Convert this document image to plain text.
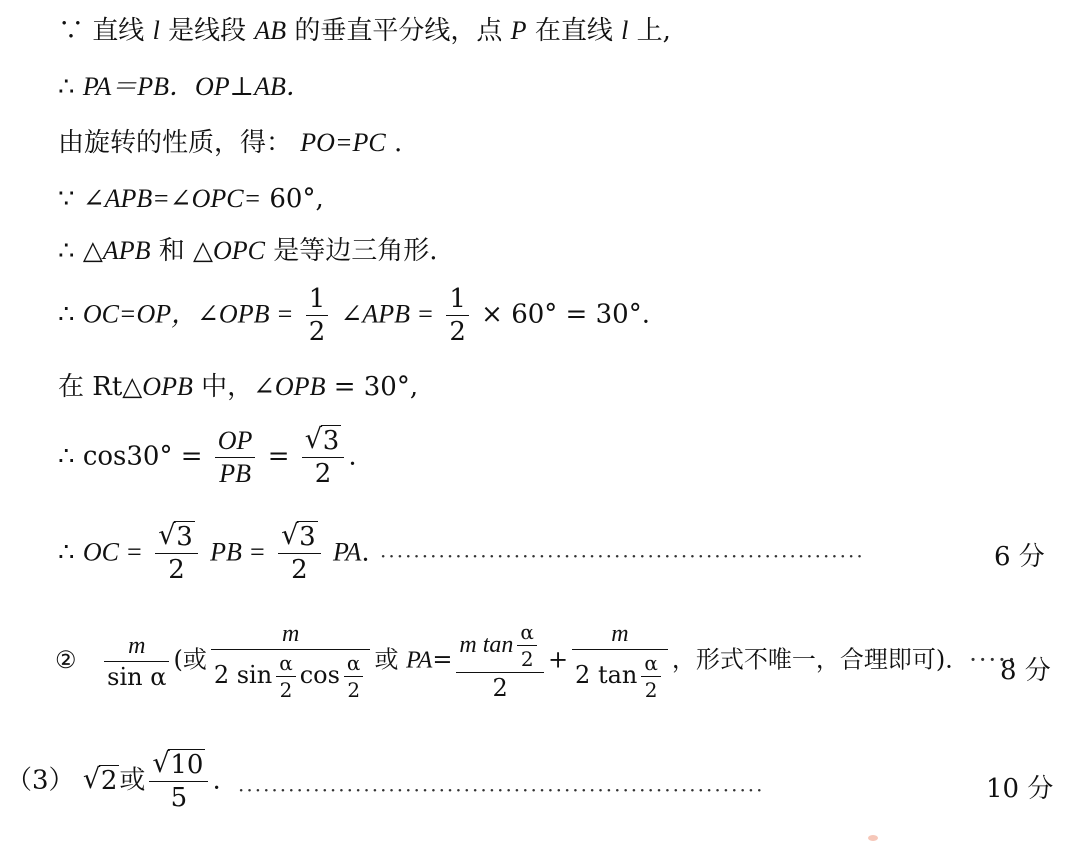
∵ 直线 l 是线段 AB 的垂直平分线，点 P 在直线 l 上,
∴ PA＝PB．OP⊥AB．
由旋转的性质，得： PO=PC .
∵ ∠APB=∠OPC= 60°,
∴ △APB 和 △OPC 是等边三角形.
∴ OC=OP，∠OPB = $\frac{1}{2}$ ∠APB = $\frac{1}{2} \times 60^\circ = 30^\circ$.
在 Rt△OPB 中，∠OPB = 30°,
∴ $\cos 30^\circ = \frac{OP}{PB}$ = √ $\frac{3}{2}$ .
∴ OC = √ $\frac{3}{2}$ PB = √ $\frac{3}{2}$ PA. ··························································	6 分
② $\frac{m}{\text{sin α}}$ (或 $\frac{m}{2 \sin \frac{\alpha}{2} \cos \frac{\alpha}{2}}$ 或 $PA= \frac{m \tan \frac{\alpha}{2}}{2} + \frac{m}{2 \tan \frac{\alpha}{2}}$ ，形式不唯一，合理即可)．·····
8 分
（3） √ 2或 √ $\frac{10}{5}$ . ·······························································	10 分
